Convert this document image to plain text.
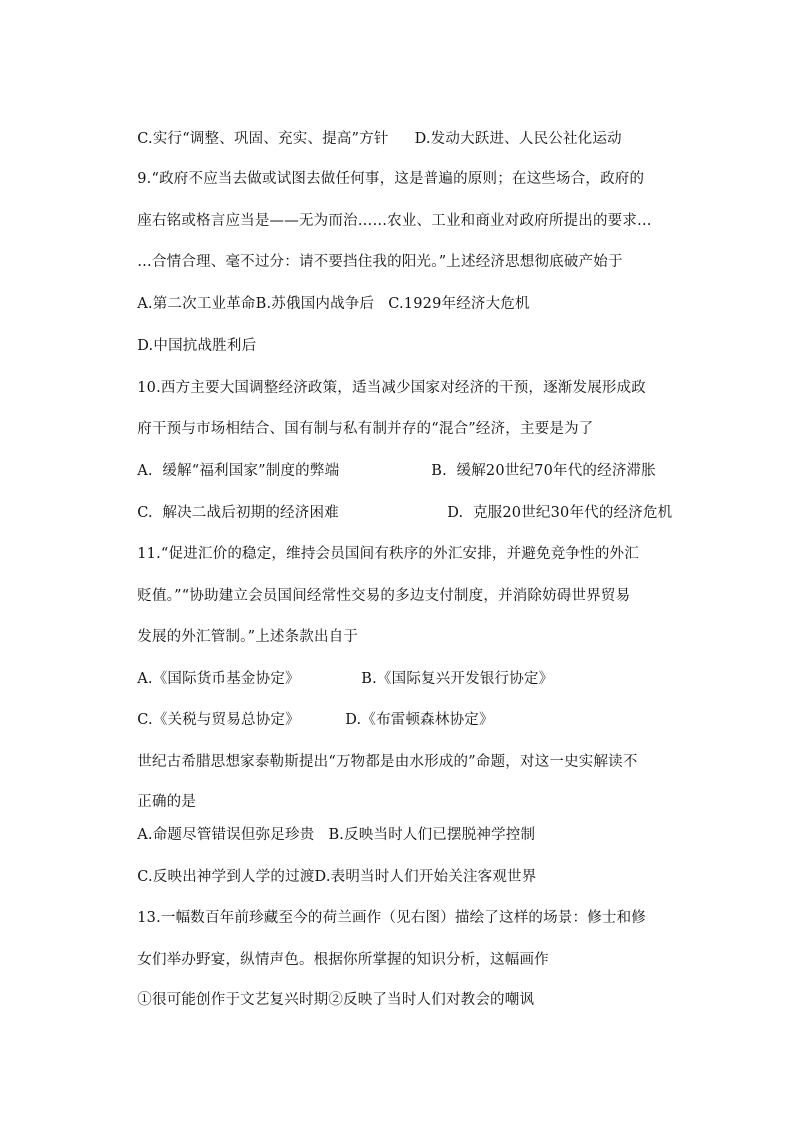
C.实行“调整、巩固、充实、提高”方针 D.发动大跃进、人民公社化运动

9.“政府不应当去做或试图去做任何事，这是普遍的原则；在这些场合，政府的

座右铭或格言应当是——无为而治……农业、工业和商业对政府所提出的要求…

…合情合理、毫不过分：请不要挡住我的阳光。”上述经济思想彻底破产始于

A.第二次工业革命B.苏俄国内战争后 C.1929年经济大危机

D.中国抗战胜利后

10.西方主要大国调整经济政策，适当减少国家对经济的干预，逐渐发展形成政

府干预与市场相结合、国有制与私有制并存的“混合”经济，主要是为了

A.  缓解“福利国家”制度的弊端	B.  缓解20世纪70年代的经济滞胀

C.  解决二战后初期的经济困难	D.  克服20世纪30年代的经济危机

11.“促进汇价的稳定，维持会员国间有秩序的外汇安排，并避免竞争性的外汇

贬值。”“协助建立会员国间经常性交易的多边支付制度，并消除妨碍世界贸易

发展的外汇管制。”上述条款出自于

A.《国际货币基金协定》	B.《国际复兴开发银行协定》

C.《关税与贸易总协定》	D.《布雷顿森林协定》

世纪古希腊思想家泰勒斯提出“万物都是由水形成的”命题，对这一史实解读不

正确的是

A.命题尽管错误但弥足珍贵 B.反映当时人们已摆脱神学控制

C.反映出神学到人学的过渡D.表明当时人们开始关注客观世界

13.一幅数百年前珍藏至今的荷兰画作（见右图）描绘了这样的场景：修士和修

女们举办野宴，纵情声色。根据你所掌握的知识分析，这幅画作

①很可能创作于文艺复兴时期②反映了当时人们对教会的嘲讽
